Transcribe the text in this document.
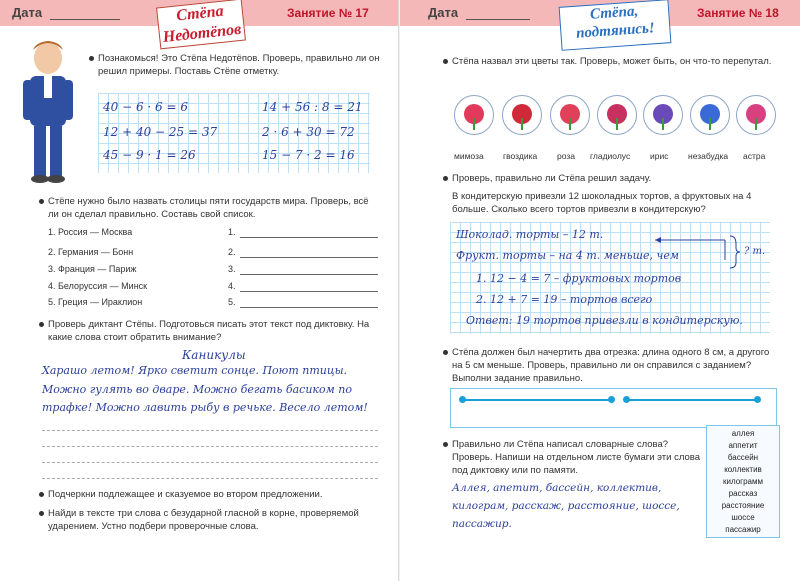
Дата	Стёпа Недотёпов
Занятие № 17
Познакомься! Это Стёпа Недотёпов. Проверь, правильно ли он решил примеры. Поставь Стёпе отметку.
40 − 6 · 6 = 6
12 + 40 − 25 = 37
45 − 9 · 1 = 26
14 + 56 : 8 = 21
2 · 6 + 30 = 72
15 − 7 · 2 = 16
Стёпе нужно было назвать столицы пяти государств мира. Проверь, всё ли он сделал правильно. Составь свой список.
1. Россия — Москва
2. Германия — Бонн
3. Франция — Париж
4. Белоруссия — Минск
5. Греция — Ираклион
1.
2.
3.
4.
5.
Проверь диктант Стёпы. Подготовься писать этот текст под диктовку. На какие слова стоит обратить внимание?
Каникулы
Харашо летом! Ярко светит сонце. Поют птицы.
Можно гулять во дваре. Можно бегать басиком по
трафке! Можно лавить рыбу в речьке. Весело летом!
Подчеркни подлежащее и сказуемое во втором предложении.
Найди в тексте три слова с безударной гласной в корне, проверяемой ударением. Устно подбери проверочные слова.
Дата	Стёпа,
подтянись!
Занятие № 18
Стёпа назвал эти цветы так. Проверь, может быть, он что-то перепутал.
мимоза гвоздика роза гладиолус ирис незабудка астра
Проверь, правильно ли Стёпа решил задачу.
В кондитерскую привезли 12 шоколадных тортов, а фруктовых на 4 больше. Сколько всего тортов привезли в кондитерскую?
Шоколад. торты – 12 т.
Фрукт. торты – на 4 т. меньше, чем
1. 12 − 4 = 7 – фруктовых тортов
2. 12 + 7 = 19 – тортов всего
Ответ: 19 тортов привезли в кондитерскую.
? т.
Стёпа должен был начертить два отрезка: длина одного 8 см, а другого на 5 см меньше. Проверь, правильно ли он справился с заданием? Выполни задание правильно.
Правильно ли Стёпа написал словарные слова? Проверь. Напиши на отдельном листе бумаги эти слова под диктовку или по памяти.
Аллея, апетит, бассейн, коллектив,
килограм, расскаж, расстояние, шоссе,
пассажир.
аллея
аппетит
бассейн
коллектив
килограмм
рассказ
расстояние
шоссе
пассажир
